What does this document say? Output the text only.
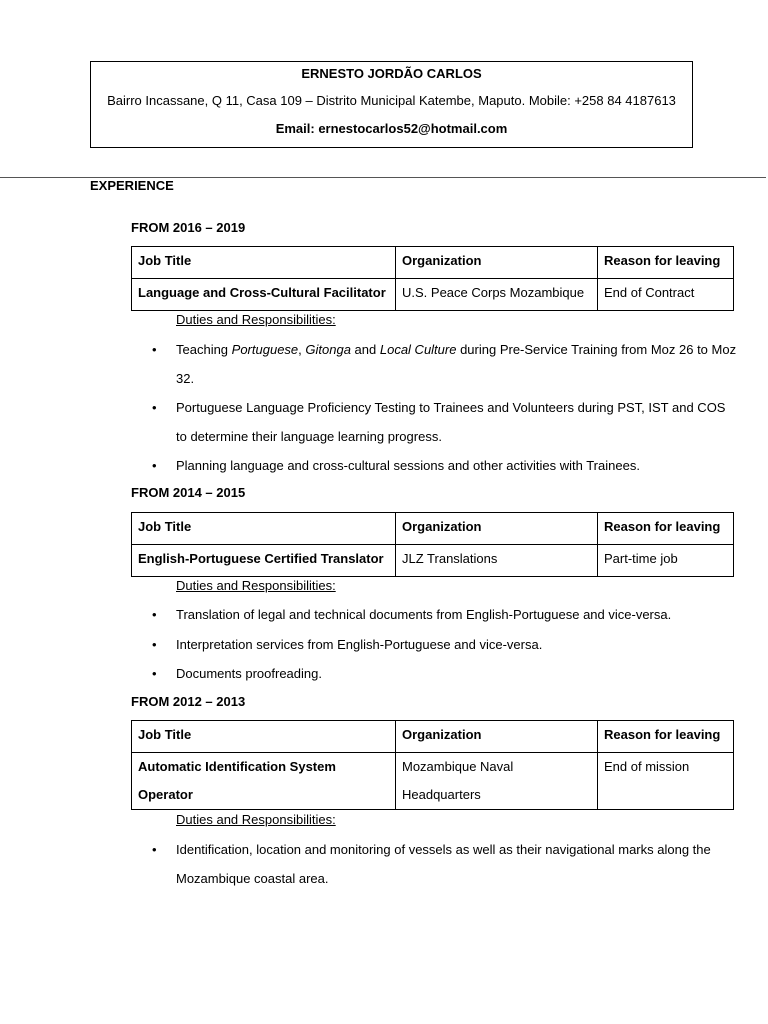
ERNESTO JORDÃO CARLOS
Bairro Incassane, Q 11, Casa 109 – Distrito Municipal Katembe, Maputo. Mobile: +258 84 4187613
Email: ernestocarlos52@hotmail.com
EXPERIENCE
FROM 2016 – 2019
Job Title	Organization	Reason for leaving
Language and Cross-Cultural Facilitator	U.S. Peace Corps Mozambique	End of Contract
Duties and Responsibilities:
• Teaching Portuguese, Gitonga and Local Culture during Pre-Service Training from Moz 26 to Moz 32.
• Portuguese Language Proficiency Testing to Trainees and Volunteers during PST, IST and COS to determine their language learning progress.
• Planning language and cross-cultural sessions and other activities with Trainees.
FROM 2014 – 2015
Job Title	Organization	Reason for leaving
English-Portuguese Certified Translator	JLZ Translations	Part-time job
Duties and Responsibilities:
• Translation of legal and technical documents from English-Portuguese and vice-versa.
• Interpretation services from English-Portuguese and vice-versa.
• Documents proofreading.
FROM 2012 – 2013
Job Title	Organization	Reason for leaving
Automatic Identification System Operator	Mozambique Naval Headquarters	End of mission
Duties and Responsibilities:
• Identification, location and monitoring of vessels as well as their navigational marks along the Mozambique coastal area.
